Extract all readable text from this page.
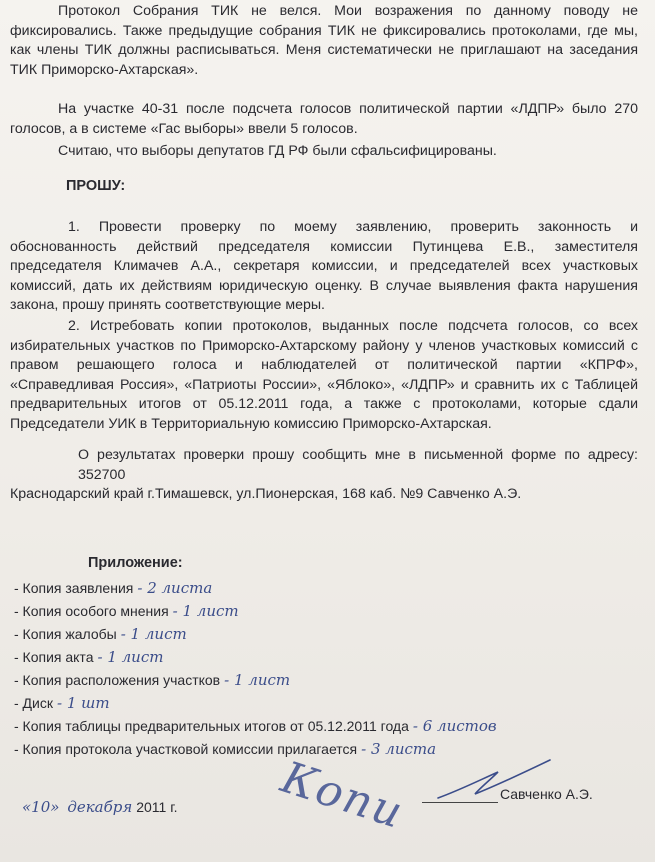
Протокол Собрания ТИК не велся. Мои возражения по данному поводу не
фиксировались. Также предыдущие собрания ТИК не фиксировались протоколами, где мы,
как члены ТИК должны расписываться. Меня систематически не приглашают на заседания
ТИК Приморско-Ахтарская».
На участке 40-31 после подсчета голосов политической партии «ЛДПР» было 270
голосов, а в системе «Гас выборы» ввели 5 голосов.
Считаю, что выборы депутатов ГД РФ были сфальсифицированы.
ПРОШУ:
1. Провести проверку по моему заявлению, проверить законность и
обоснованность действий председателя комиссии Путинцева Е.В., заместителя
председателя Климачев А.А., секретаря комиссии, и председателей всех участковых
комиссий, дать их действиям юридическую оценку. В случае выявления факта нарушения
закона, прошу принять соответствующие меры.
2. Истребовать копии протоколов, выданных после подсчета голосов, со всех
избирательных участков по Приморско-Ахтарскому району у членов участковых комиссий с
правом решающего голоса и наблюдателей от политической партии «КПРФ»,
«Справедливая Россия», «Патриоты России», «Яблоко», «ЛДПР» и сравнить их с Таблицей
предварительных итогов от 05.12.2011 года, а также с протоколами, которые сдали
Председатели УИК в Территориальную комиссию Приморско-Ахтарская.
О результатах проверки прошу сообщить мне в письменной форме по адресу: 352700
Краснодарский край г.Тимашевск, ул.Пионерская, 168 каб. №9 Савченко А.Э.
Приложение:
- Копия заявления - 2 листа
- Копия особого мнения - 1 лист
- Копия жалобы - 1 лист
- Копия акта - 1 лист
- Копия расположения участков - 1 лист
- Диск - 1 шт
- Копия таблицы предварительных итогов от 05.12.2011 года - 6 листов
- Копия протокола участковой комиссии прилагается - 3 листа
«10» декабря 2011 г. Копи	Савченко А.Э.
